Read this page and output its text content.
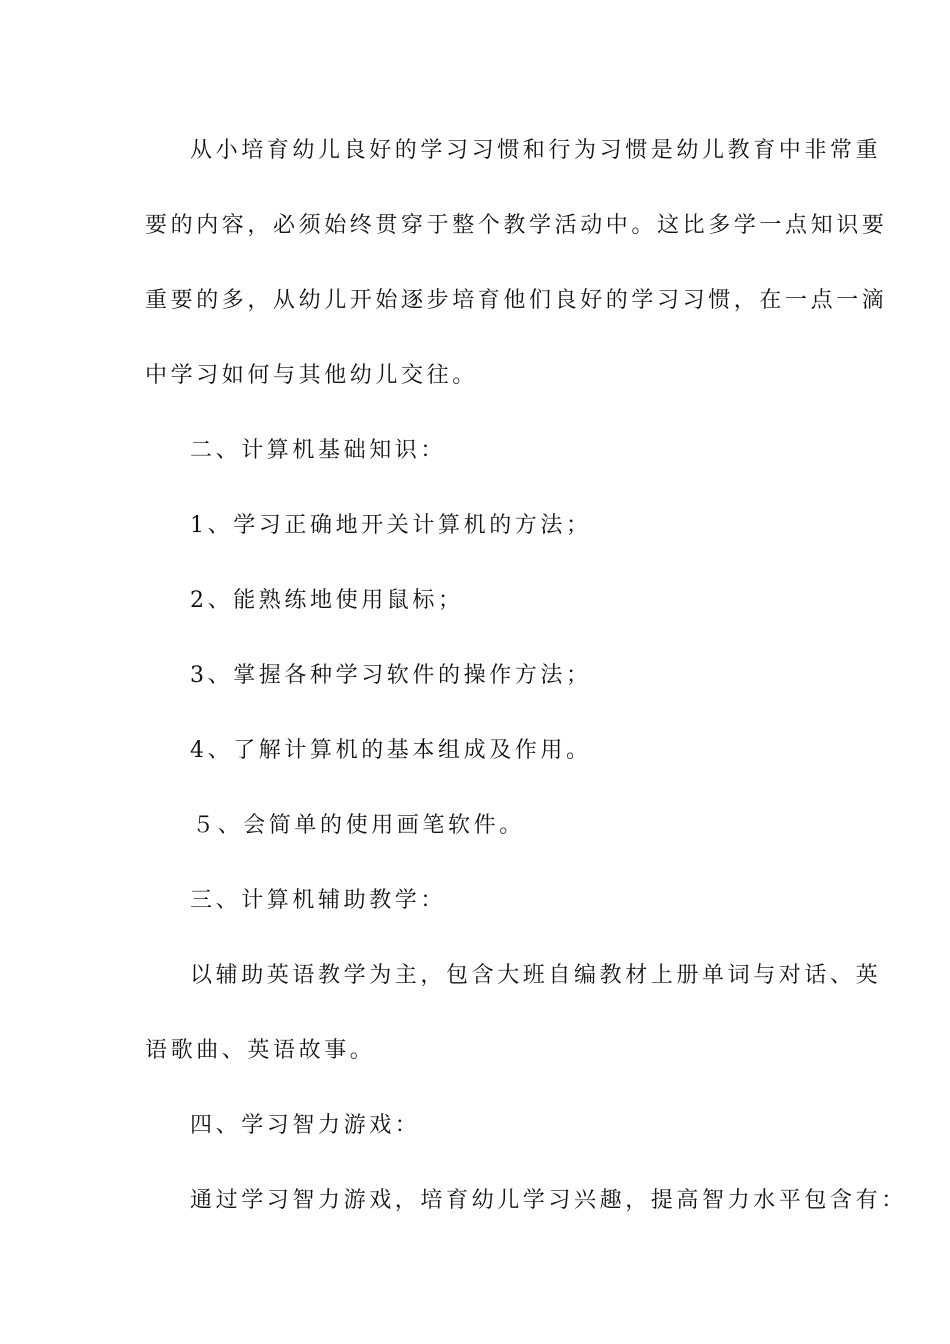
从小培育幼儿良好的学习习惯和行为习惯是幼儿教育中非常重

要的内容，必须始终贯穿于整个教学活动中。这比多学一点知识要

重要的多，从幼儿开始逐步培育他们良好的学习习惯，在一点一滴

中学习如何与其他幼儿交往。

二、计算机基础知识：

1、学习正确地开关计算机的方法；

2、能熟练地使用鼠标；

3、掌握各种学习软件的操作方法；

4、了解计算机的基本组成及作用。

５、会简单的使用画笔软件。

三、计算机辅助教学：

以辅助英语教学为主，包含大班自编教材上册单词与对话、英

语歌曲、英语故事。

四、学习智力游戏：

通过学习智力游戏，培育幼儿学习兴趣，提高智力水平包含有：
